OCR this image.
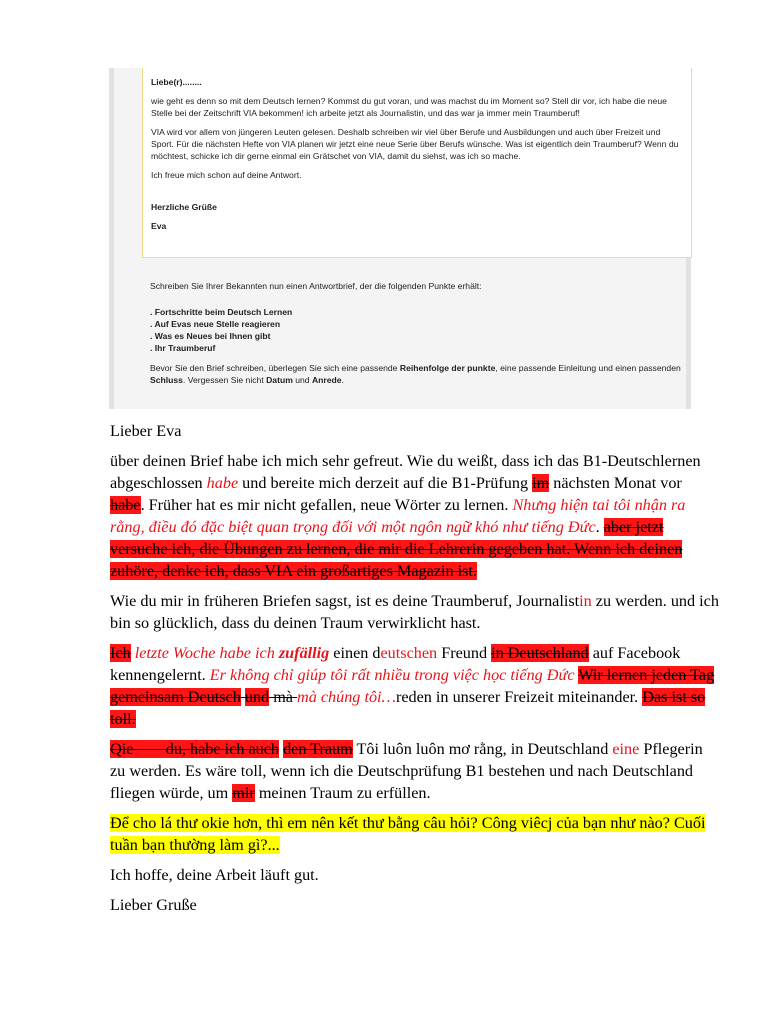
Liebe(r)........

wie geht es denn so mit dem Deutsch lernen? Kommst du gut voran, und was machst du im Moment so? Stell dir vor, ich habe die neue Stelle bei der Zeitschrift VIA bekommen! ich arbeite jetzt als Journalistin, und das war ja immer mein Traumberuf!

VIA wird vor allem von jüngeren Leuten gelesen. Deshalb schreiben wir viel über Berufe und Ausbildungen und auch über Freizeit und Sport. Für die nächsten Hefte von VIA planen wir jetzt eine neue Serie über Berufs wünsche. Was ist eigentlich dein Traumberuf? Wenn du möchtest, schicke ich dir gerne einmal ein Grätschet von VIA, damit du siehst, was ich so mache.

Ich freue mich schon auf deine Antwort.

Herzliche Grüße

Eva

Schreiben Sie Ihrer Bekannten nun einen Antwortbrief, der die folgenden Punkte erhält:

. Fortschritte beim Deutsch Lernen
. Auf Evas neue Stelle reagieren
. Was es Neues bei Ihnen gibt
. Ihr Traumberuf

Bevor Sie den Brief schreiben, überlegen Sie sich eine passende Reihenfolge der punkte, eine passende Einleitung und einen passenden Schluss. Vergessen Sie nicht Datum und Anrede.

Lieber Eva

über deinen Brief habe ich mich sehr gefreut. Wie du weißt, dass ich das B1-Deutschlernen abgeschlossen habe und bereite mich derzeit auf die B1-Prüfung im nächsten Monat vor habe. Früher hat es mir nicht gefallen, neue Wörter zu lernen. Nhưng hiện tai tôi nhận ra rằng, điều đó đặc biệt quan trọng đối với một ngôn ngữ khó như tiếng Đức. aber jetzt versuche ich, die Übungen zu lernen, die mir die Lehrerin gegeben hat. Wenn ich deinen zuhöre, denke ich, dass VIA ein großartiges Magazin ist.

Wie du mir in früheren Briefen sagst, ist es deine Traumberuf, Journalistin zu werden. und ich bin so glücklich, dass du deinen Traum verwirklicht hast.

Ich letzte Woche habe ich zufällig einen deutschen Freund in Deutschland auf Facebook kennengelernt. Er không chỉ giúp tôi rất nhiều trong việc học tiếng Đức Wir lernen jeden Tag gemeinsam Deutsch und mà mà chúng tôi…reden in unserer Freizeit miteinander. Das ist so toll.

Qie        du, habe ich auch den Traum Tôi luôn luôn mơ rằng, in Deutschland eine Pflegerin zu werden. Es wäre toll, wenn ich die Deutschprüfung B1 bestehen und nach Deutschland fliegen würde, um mir meinen Traum zu erfüllen.

Để cho lá thư okie hơn, thì em nên kết thư bằng câu hỏi? Công viêcj của bạn như nào? Cuối tuần bạn thường làm gì?...

Ich hoffe, deine Arbeit läuft gut.

Lieber Gruße
